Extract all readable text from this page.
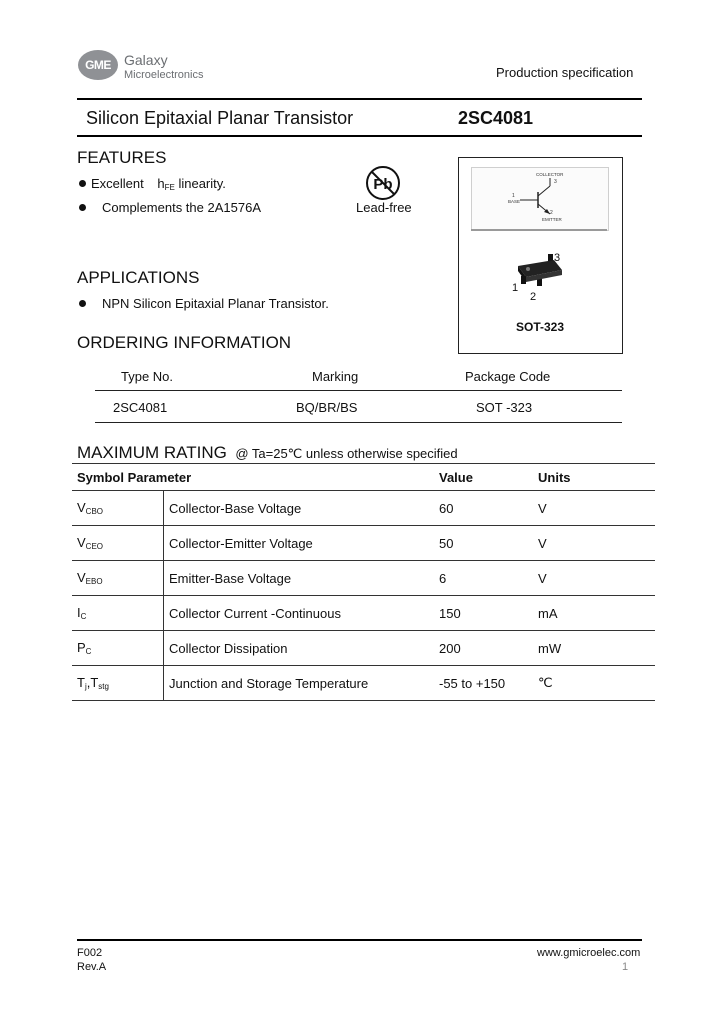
GME Galaxy
Microelectronics	Production specification
Silicon Epitaxial Planar Transistor	2SC4081
FEATURES
Excellent $h_{FE}$ linearity.
Complements the 2A1576A
Pb
Lead-free
COLLECTOR
3
1
BASE
2
EMITTER
3
1
2
SOT-323
APPLICATIONS
NPN Silicon Epitaxial Planar Transistor.
ORDERING INFORMATION
Type No.	Marking	Package Code
2SC4081	BQ/BR/BS	SOT -323
MAXIMUM RATING @ Ta=25℃ unless otherwise specified
Symbol Parameter		Value	Units
$V_{CBO}$	Collector-Base Voltage	60	V
$V_{CEO}$	Collector-Emitter Voltage	50	V
$V_{EBO}$	Emitter-Base Voltage	6	V
$I_C$	Collector Current -Continuous	150	mA
$P_C$	Collector Dissipation	200	mW
$T_j,T_{stg}$	Junction and Storage Temperature	-55 to +150	℃
F002
Rev.A
www.gmicroelec.com
1
